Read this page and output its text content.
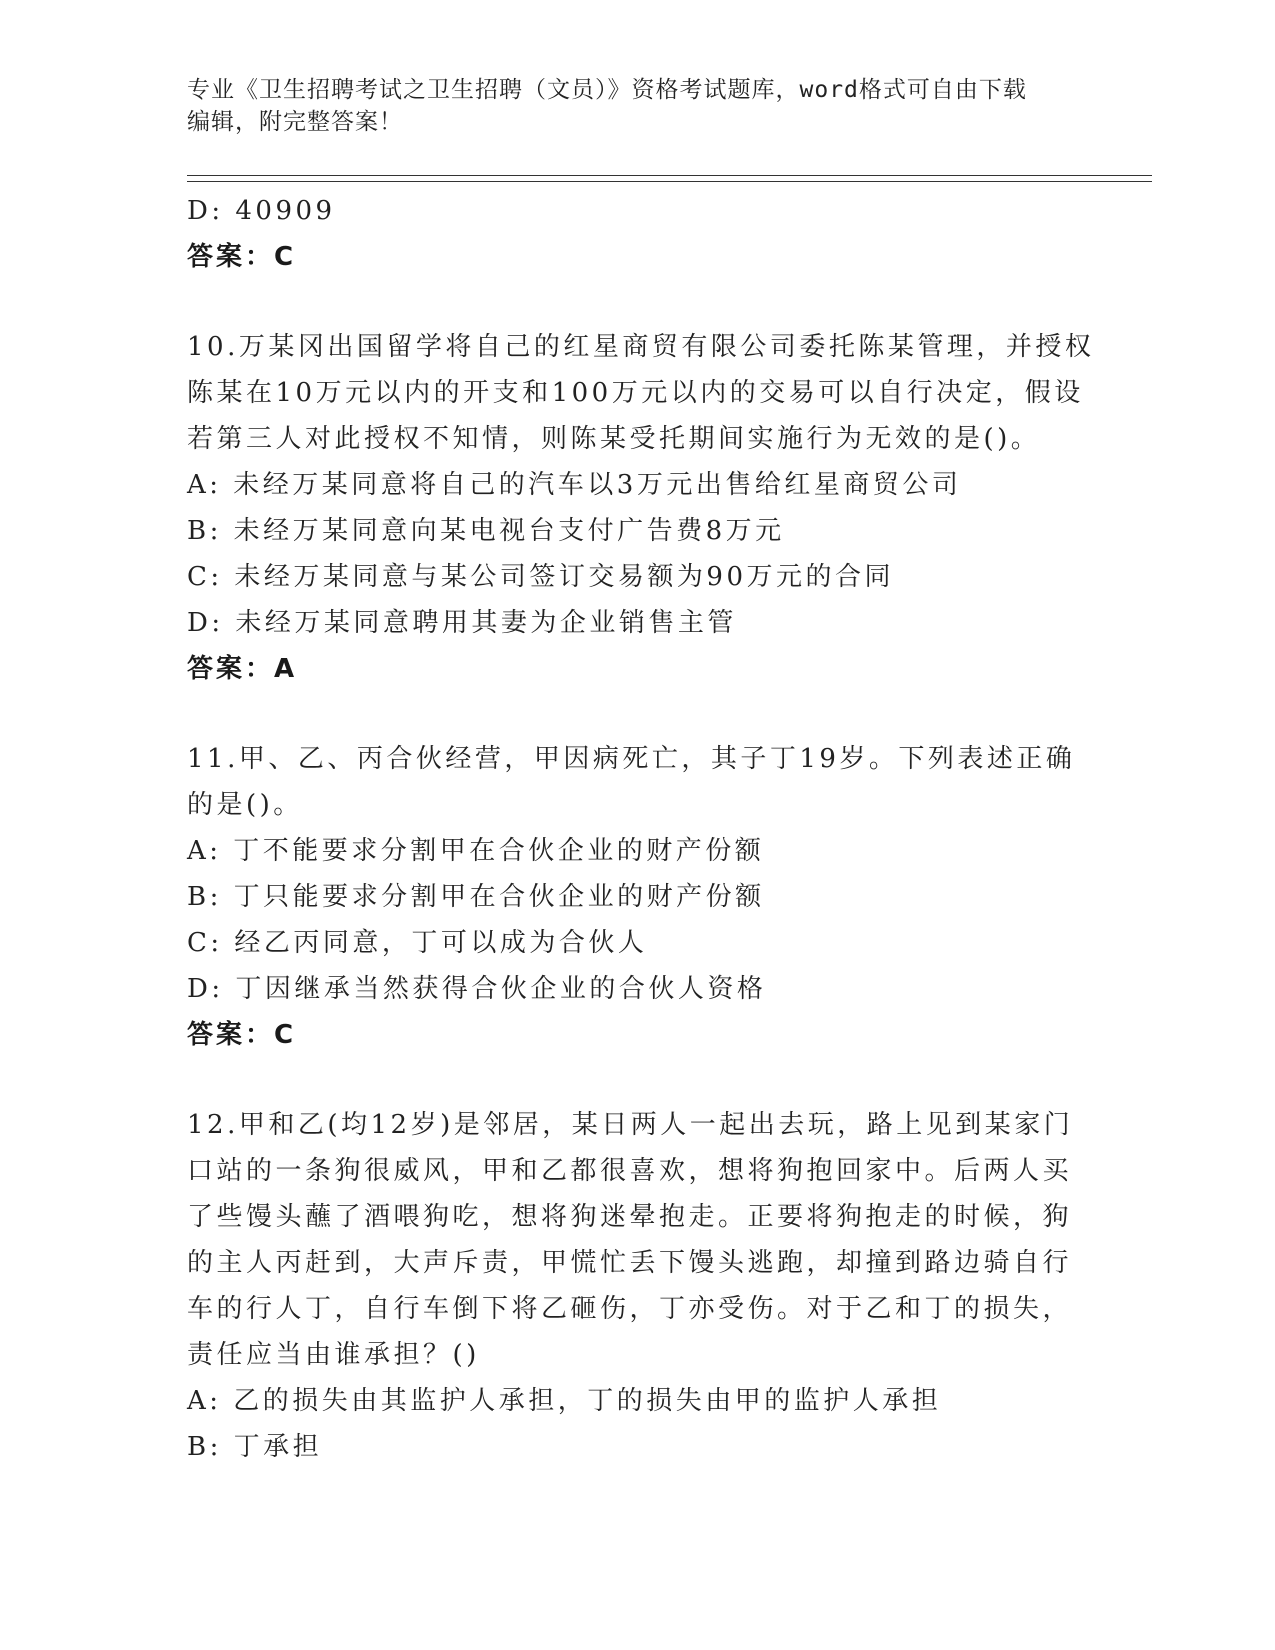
专业《卫生招聘考试之卫生招聘（文员）》资格考试题库，word格式可自由下载
编辑，附完整答案！
D: 40909
答案：C
10.万某冈出国留学将自己的红星商贸有限公司委托陈某管理，并授权
陈某在10万元以内的开支和100万元以内的交易可以自行决定，假设
若第三人对此授权不知情，则陈某受托期间实施行为无效的是()。
A: 未经万某同意将自己的汽车以3万元出售给红星商贸公司
B: 未经万某同意向某电视台支付广告费8万元
C: 未经万某同意与某公司签订交易额为90万元的合同
D: 未经万某同意聘用其妻为企业销售主管
答案：A
11.甲、乙、丙合伙经营，甲因病死亡，其子丁19岁。下列表述正确
的是()。
A: 丁不能要求分割甲在合伙企业的财产份额
B: 丁只能要求分割甲在合伙企业的财产份额
C: 经乙丙同意，丁可以成为合伙人
D: 丁因继承当然获得合伙企业的合伙人资格
答案：C
12.甲和乙(均12岁)是邻居，某日两人一起出去玩，路上见到某家门
口站的一条狗很威风，甲和乙都很喜欢，想将狗抱回家中。后两人买
了些馒头蘸了酒喂狗吃，想将狗迷晕抱走。正要将狗抱走的时候，狗
的主人丙赶到，大声斥责，甲慌忙丢下馒头逃跑，却撞到路边骑自行
车的行人丁，自行车倒下将乙砸伤，丁亦受伤。对于乙和丁的损失，
责任应当由谁承担？()
A: 乙的损失由其监护人承担，丁的损失由甲的监护人承担
B: 丁承担
